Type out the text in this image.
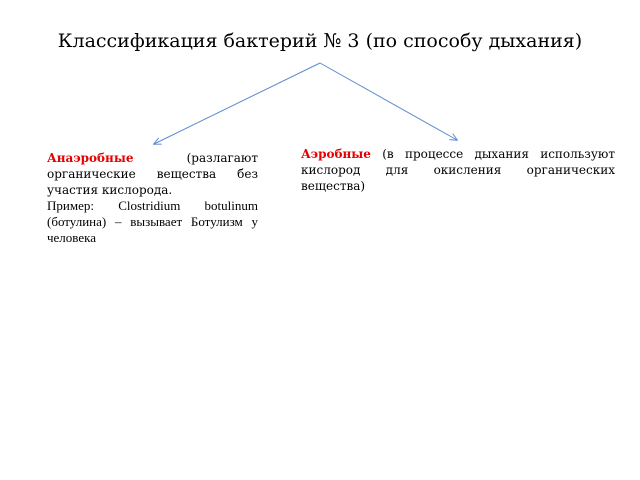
Классификация бактерий № 3 (по способу дыхания)

Анаэробные (разлагают органические вещества без участия кислорода.

Пример: Clostridium botulinum (ботулина) – вызывает Ботулизм у человека

Аэробные (в процессе дыхания используют кислород для окисления органических вещества)
